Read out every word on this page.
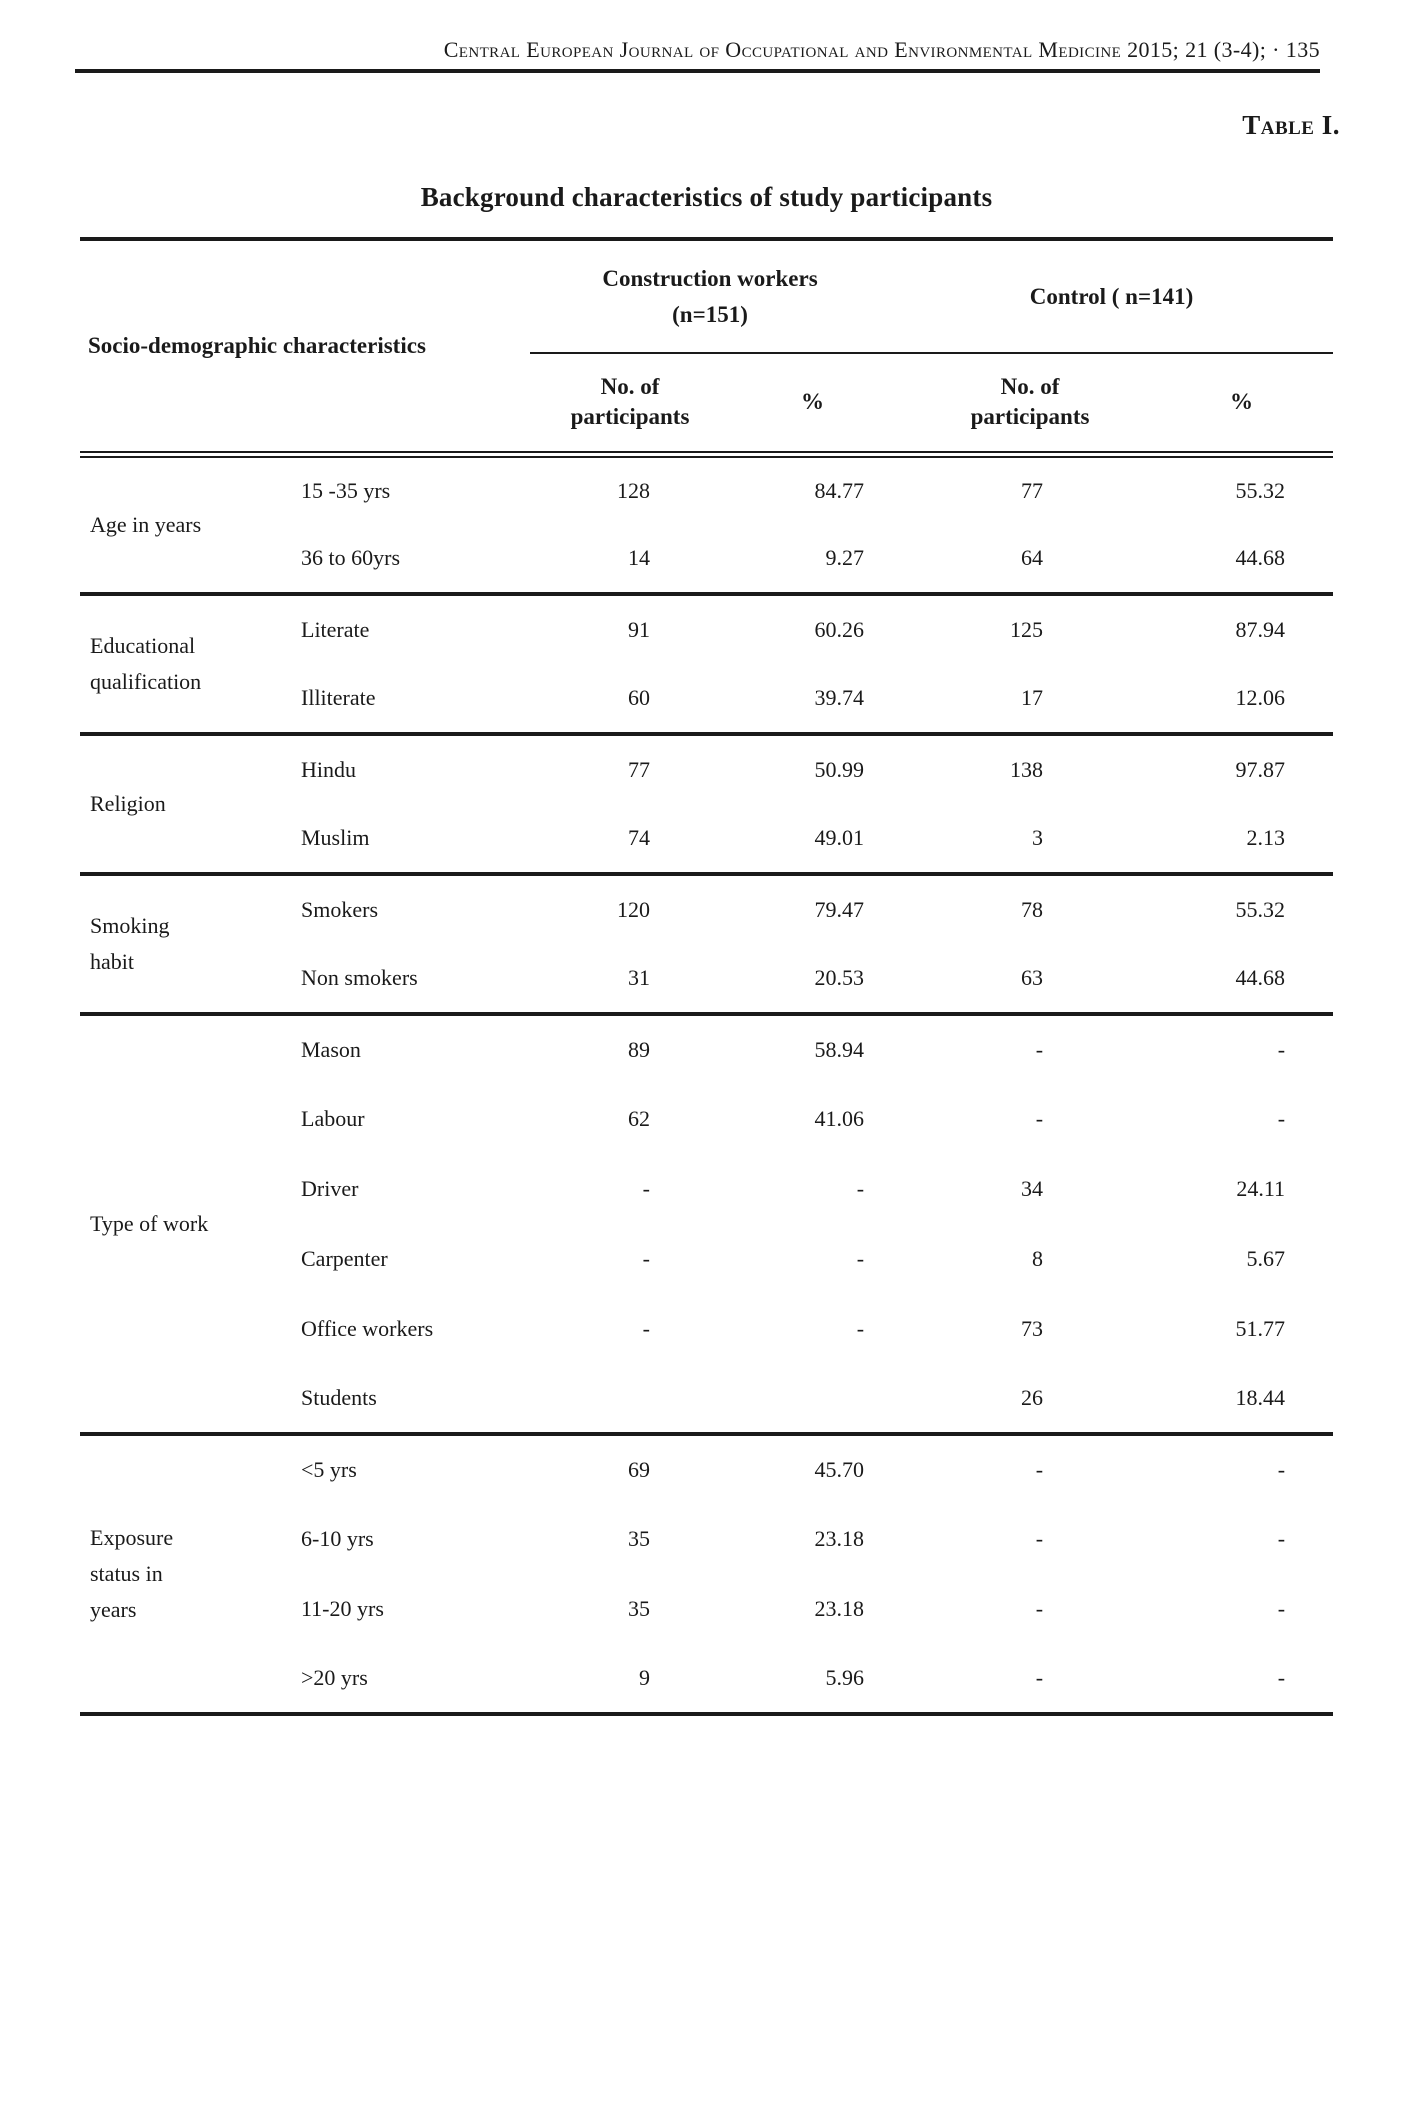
Central European Journal of Occupational and Environmental Medicine 2015; 21 (3-4); · 135
Table I.
Background characteristics of study participants
Socio-demographic characteristics		Construction workers
(n=151)		Control ( n=141)	
		No. of participants	%	No. of participants	%
Age in years	15 -35 yrs	128	84.77	77	55.32
	36 to 60yrs	14	9.27	64	44.68
Educational qualification	Literate	91	60.26	125	87.94
	Illiterate	60	39.74	17	12.06
Religion	Hindu	77	50.99	138	97.87
	Muslim	74	49.01	3	2.13
Smoking habit	Smokers	120	79.47	78	55.32
	Non smokers	31	20.53	63	44.68
Type of work	Mason	89	58.94	-	-
	Labour	62	41.06	-	-
	Driver	-	-	34	24.11
	Carpenter	-	-	8	5.67
	Office workers	-	-	73	51.77
	Students			26	18.44
Exposure status in years	<5 yrs	69	45.70	-	-
	6-10 yrs	35	23.18	-	-
	11-20 yrs	35	23.18	-	-
	>20 yrs	9	5.96	-	-
